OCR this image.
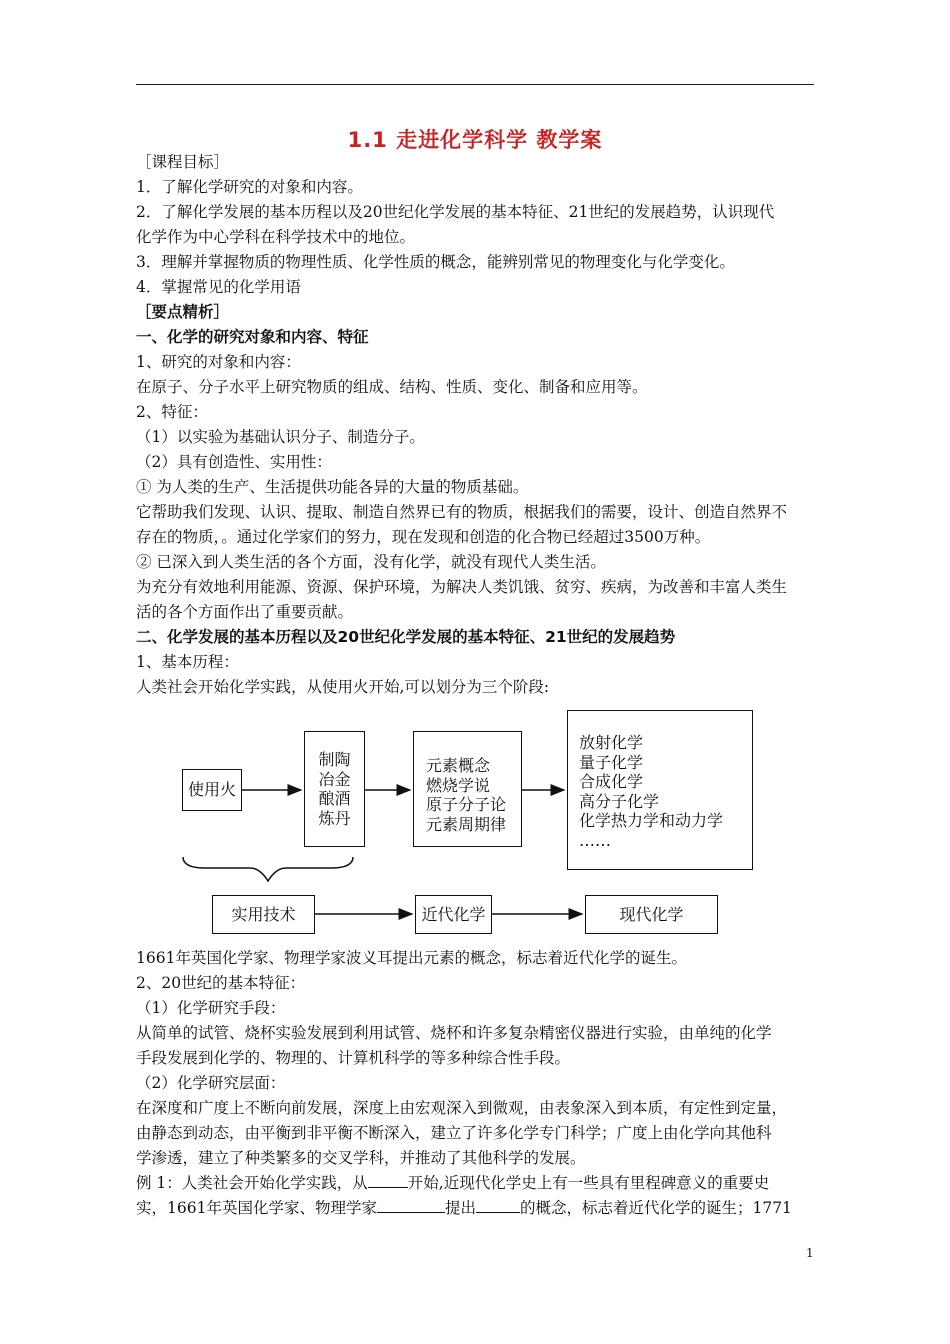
1.1 走进化学科学 教学案
［课程目标］
1．了解化学研究的对象和内容。
2．了解化学发展的基本历程以及20世纪化学发展的基本特征、21世纪的发展趋势，认识现代
化学作为中心学科在科学技术中的地位。
3．理解并掌握物质的物理性质、化学性质的概念，能辨别常见的物理变化与化学变化。
4．掌握常见的化学用语
［要点精析］
一、化学的研究对象和内容、特征
1、研究的对象和内容：
在原子、分子水平上研究物质的组成、结构、性质、变化、制备和应用等。
2、特征：
（1）以实验为基础认识分子、制造分子。
（2）具有创造性、实用性：
① 为人类的生产、生活提供功能各异的大量的物质基础。
它帮助我们发现、认识、提取、制造自然界已有的物质，根据我们的需要，设计、创造自然界不
存在的物质，。通过化学家们的努力，现在发现和创造的化合物已经超过3500万种。
② 已深入到人类生活的各个方面，没有化学，就没有现代人类生活。
为充分有效地利用能源、资源、保护环境，为解决人类饥饿、贫穷、疾病，为改善和丰富人类生
活的各个方面作出了重要贡献。
二、化学发展的基本历程以及20世纪化学发展的基本特征、21世纪的发展趋势
1、基本历程：
人类社会开始化学实践，从使用火开始,可以划分为三个阶段:
使用火
制陶
冶金
酿酒
炼丹
元素概念
燃烧学说
原子分子论
元素周期律
放射化学
量子化学
合成化学
高分子化学
化学热力学和动力学
……
实用技术	近代化学	现代化学
1661年英国化学家、物理学家波义耳提出元素的概念，标志着近代化学的诞生。
2、20世纪的基本特征：
（1）化学研究手段：
从简单的试管、烧杯实验发展到利用试管、烧杯和许多复杂精密仪器进行实验，由单纯的化学
手段发展到化学的、物理的、计算机科学的等多种综合性手段。
（2）化学研究层面：
在深度和广度上不断向前发展，深度上由宏观深入到微观，由表象深入到本质，有定性到定量，
由静态到动态，由平衡到非平衡不断深入，建立了许多化学专门科学；广度上由化学向其他科
学渗透，建立了种类繁多的交叉学科，并推动了其他科学的发展。
例 1：人类社会开始化学实践，从	开始,近现代化学史上有一些具有里程碑意义的重要史
实，1661年英国化学家、物理学家	提出	的概念，标志着近代化学的诞生；1771
1
